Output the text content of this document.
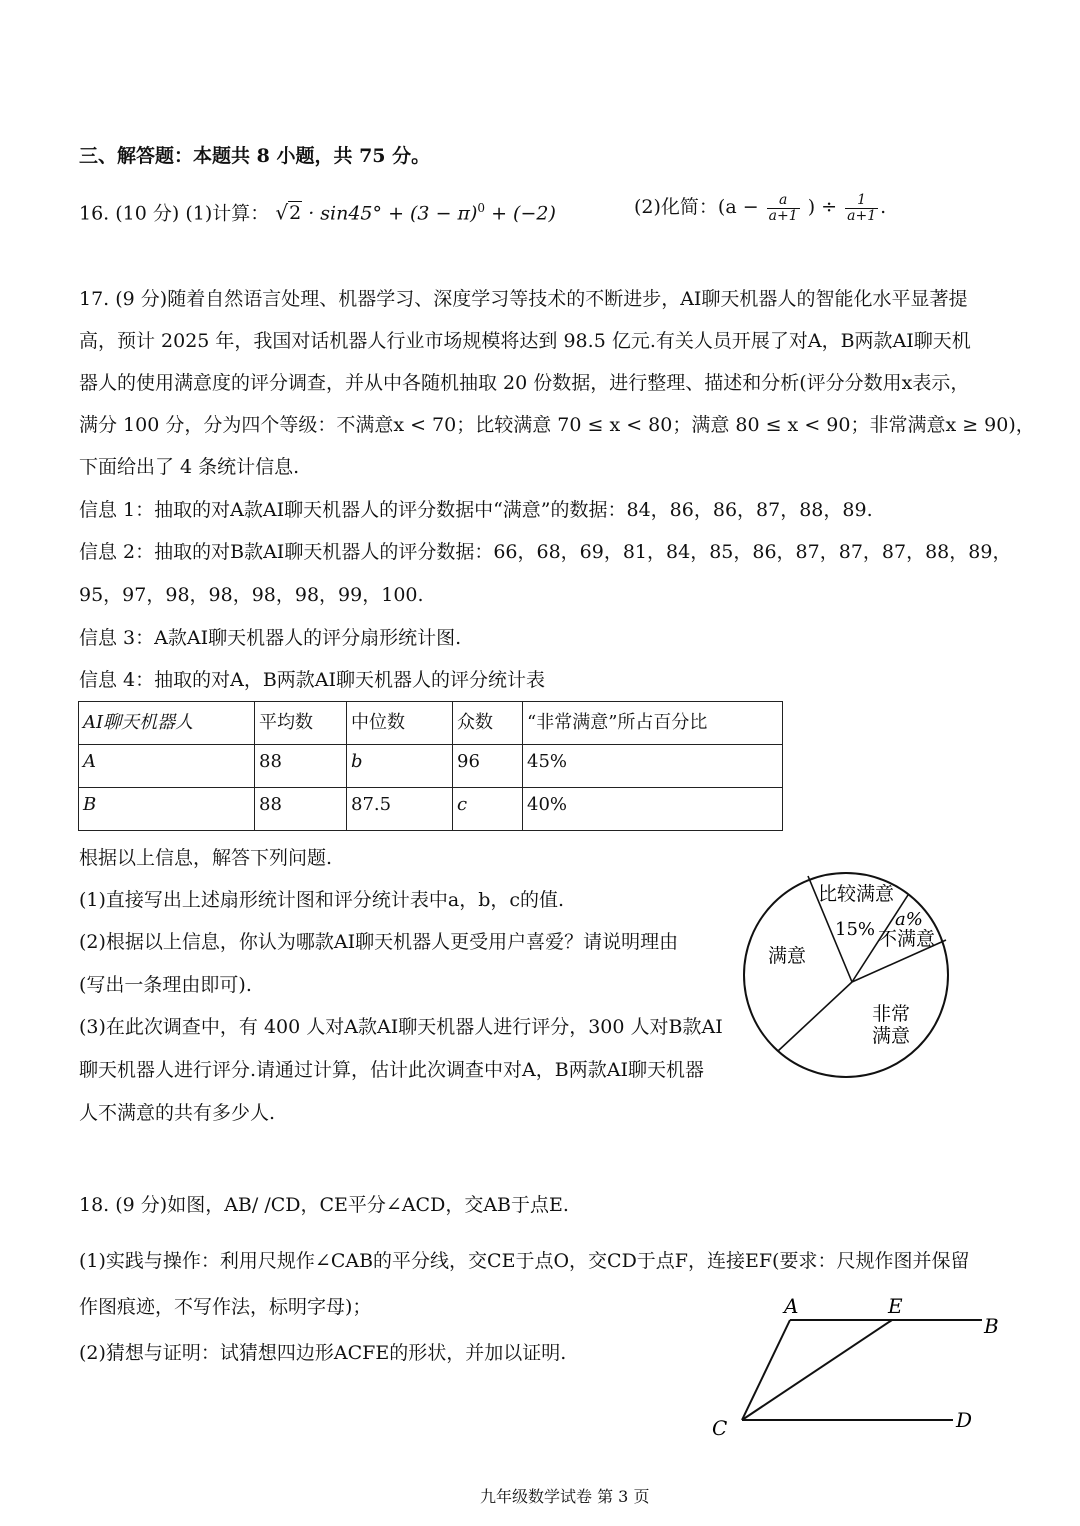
三、解答题：本题共 8 小题，共 75 分。
16. (10 分) (1)计算： $√2 \cdot \sin 45^\circ + (3 - \pi)^0 + (-2)$	(2)化简：($a - \frac{a}{a+1}$ ) ÷ $\frac{1}{a+1}$ .
17. (9 分)随着自然语言处理、机器学习、深度学习等技术的不断进步，AI聊天机器人的智能化水平显著提
高，预计 2025 年，我国对话机器人行业市场规模将达到 98.5 亿元.有关人员开展了对A，B两款AI聊天机
器人的使用满意度的评分调查，并从中各随机抽取 20 份数据，进行整理、描述和分析(评分分数用x表示，
满分 100 分，分为四个等级：不满意x < 70；比较满意 70 ≤ x < 80；满意 80 ≤ x < 90；非常满意x ≥ 90)，
下面给出了 4 条统计信息.
信息 1：抽取的对A款AI聊天机器人的评分数据中“满意”的数据：84，86，86，87，88，89.
信息 2：抽取的对B款AI聊天机器人的评分数据：66，68，69，81，84，85，86，87，87，87，88，89，
95，97，98，98，98，98，99，100.
信息 3：A款AI聊天机器人的评分扇形统计图.
信息 4：抽取的对A，B两款AI聊天机器人的评分统计表
AI聊天机器人	平均数	中位数	众数	“非常满意”所占百分比
A	88	b	96	45%
B	88	87.5	c	40%
根据以上信息，解答下列问题.
(1)直接写出上述扇形统计图和评分统计表中a，b，c的值.
(2)根据以上信息，你认为哪款AI聊天机器人更受用户喜爱？请说明理由
(写出一条理由即可).
(3)在此次调查中，有 400 人对A款AI聊天机器人进行评分，300 人对B款AI
聊天机器人进行评分.请通过计算，估计此次调查中对A，B两款AI聊天机器
人不满意的共有多少人.
比较满意
15% a%
不满意
满意
非常
满意
18. (9 分)如图，AB/ /CD，CE平分∠ACD，交AB于点E.
(1)实践与操作：利用尺规作∠CAB的平分线，交CE于点O，交CD于点F，连接EF(要求：尺规作图并保留
作图痕迹，不写作法，标明字母)；
(2)猜想与证明：试猜想四边形ACFE的形状，并加以证明.
A	E
B
C	D
九年级数学试卷 第 3 页
